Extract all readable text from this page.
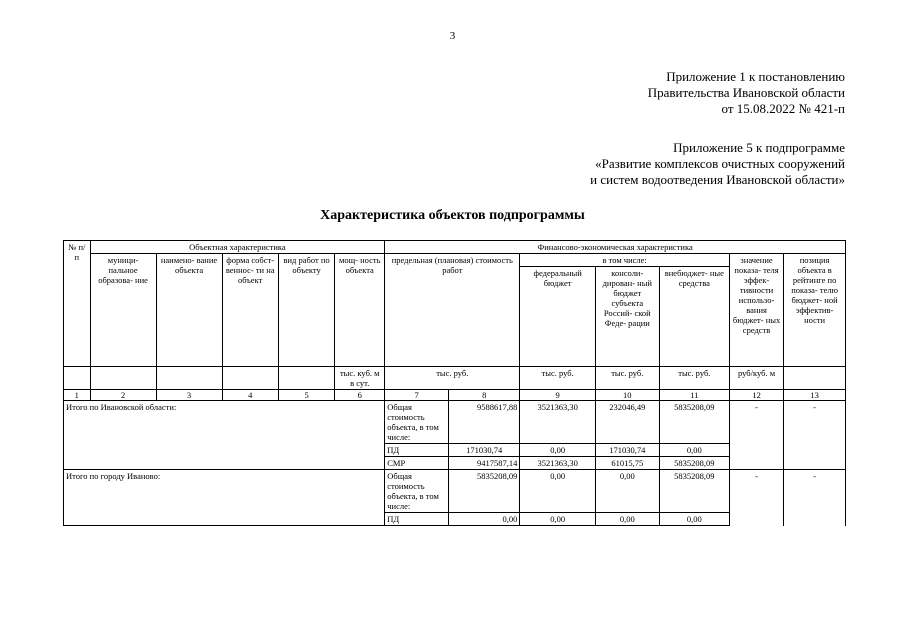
3
Приложение 1 к постановлению
Правительства Ивановской области
от 15.08.2022 № 421-п
Приложение 5 к подпрограмме
«Развитие комплексов очистных сооружений
и систем водоотведения Ивановской области»
Характеристика объектов подпрограммы
№ п/п	Объектная характеристика					Финансово-экономическая характеристика						
	муници- пальное образова- ние	наимено- вание объекта	форма собст- веннос- ти на объект	вид работ по объекту	мощ- ность объекта	предельная (плановая) стоимость работ		в том числе:			значение показа- теля эффек- тивности использо- вания бюджет- ных средств	позиция объекта в рейтинге по показа- телю бюджет- ной эффектив- ности
								федеральный бюджет	консоли- дирован- ный бюджет субъекта Россий- ской Феде- рации	внебюджет- ные средства		
					тыс. куб. м в сут.	тыс. руб.		тыс. руб.	тыс. руб.	тыс. руб.	руб/куб. м	
1	2	3	4	5	6	7	8	9	10	11	12	13
Итого по Ивановской области:						Общая стоимость объекта, в том числе:	9588617,88	3521363,30	232046,49	5835208,09	-	-
						ПД	171030,74	0,00	171030,74	0,00		
						СМР	9417587,14	3521363,30	61015,75	5835208,09		
Итого по городу Иваново:						Общая стоимость объекта, в том числе:	5835208,09	0,00	0,00	5835208,09	-	-
						ПД	0,00	0,00	0,00	0,00		
